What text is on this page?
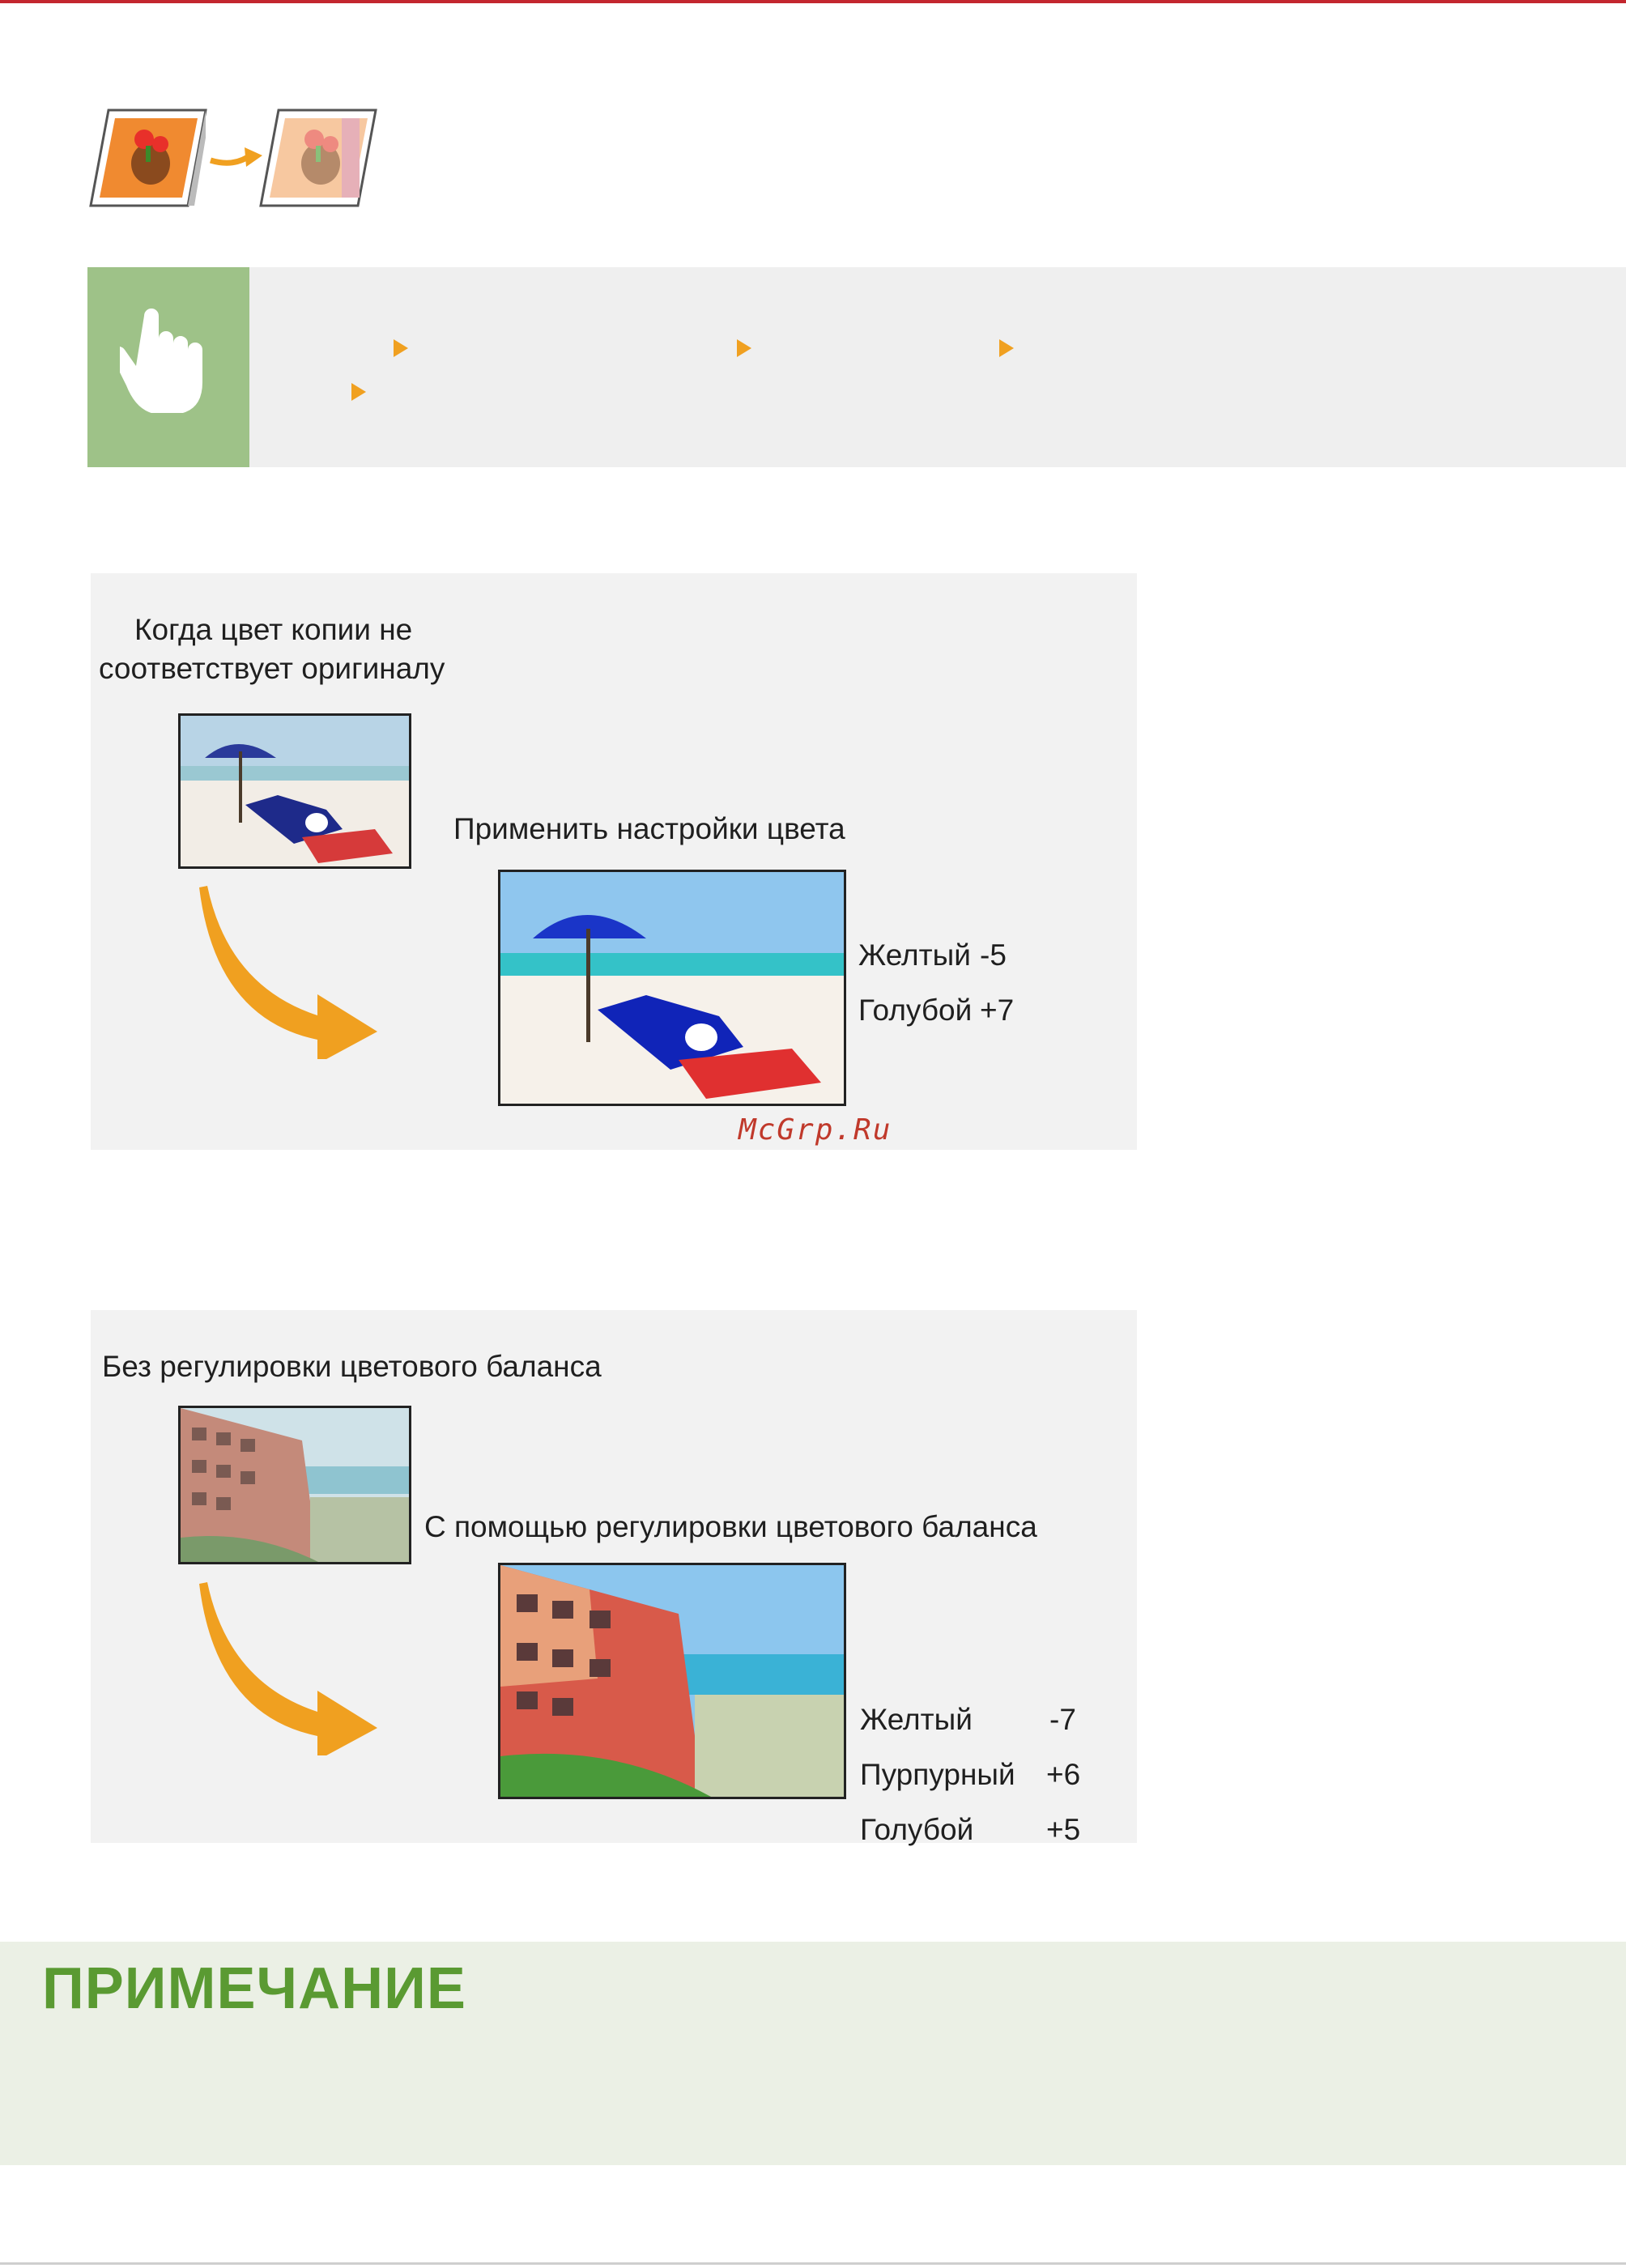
Когда цвет копии не
соответствует оригиналу
Применить настройки цвета
Желтый -5
Голубой +7
McGrp.Ru
Без регулировки цветового баланса
С помощью регулировки цветового баланса
Желтый	-7
Пурпурный +6
Голубой +5
ПРИМЕЧАНИЕ
